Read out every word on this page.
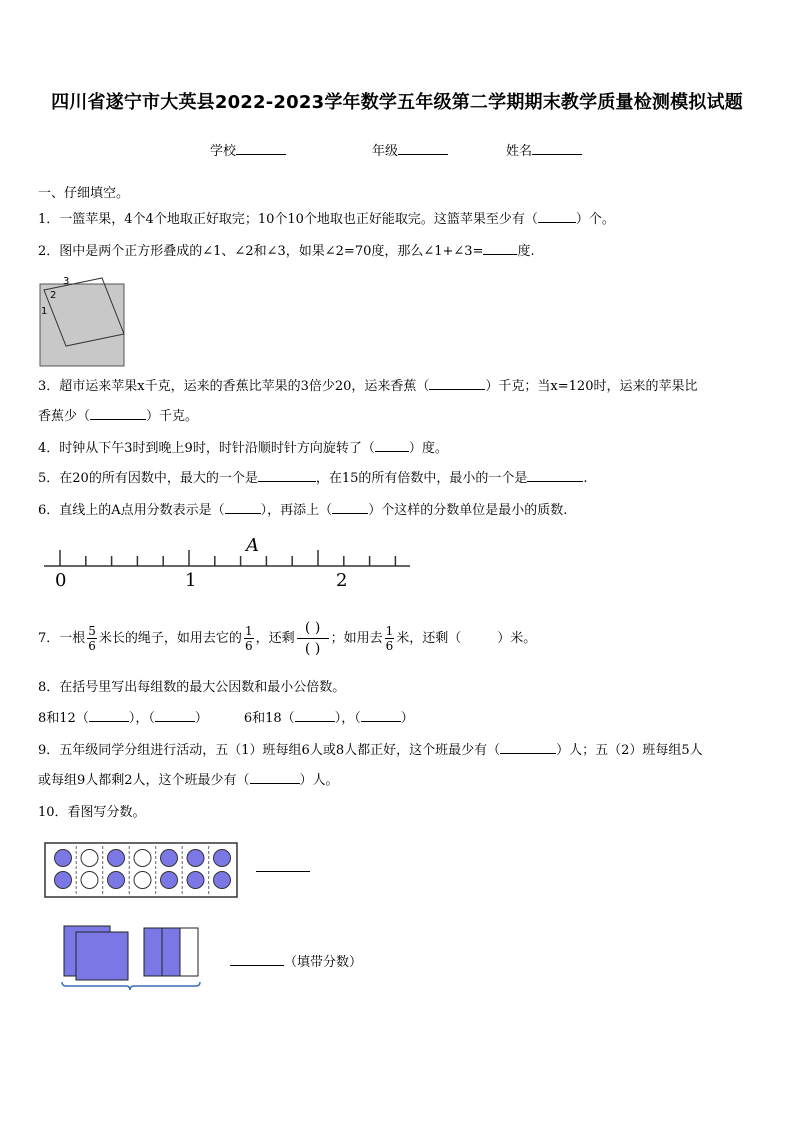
四川省遂宁市大英县2022-2023学年数学五年级第二学期期末教学质量检测模拟试题
学校	年级	姓名
一、仔细填空。
1．一篮苹果，4个4个地取正好取完；10个10个地取也正好能取完。这篮苹果至少有（	）个。
2．图中是两个正方形叠成的∠1、∠2和∠3，如果∠2=70度，那么∠1+∠3=	度.
1
2
3
3．超市运来苹果x千克，运来的香蕉比苹果的3倍少20，运来香蕉（	）千克；当x=120时，运来的苹果比
香蕉少（	）千克。
4．时钟从下午3时到晚上9时，时针沿顺时针方向旋转了（	）度。
5．在20的所有因数中，最大的一个是	，在15的所有倍数中，最小的一个是	.
6．直线上的A点用分数表示是（	），再添上（	）个这样的分数单位是最小的质数.
0	1	2
A
7．一根 $\frac{5}{6}$ 米长的绳子，如用去它的 $\frac{1}{6}$ ，还剩 $\frac{( )}{( )}$ ；如用去 $\frac{1}{6}$ 米，还剩（	）米。
8．在括号里写出每组数的最大公因数和最小公倍数。
8和12（	），（	）	6和18（	），（	）
9．五年级同学分组进行活动，五（1）班每组6人或8人都正好，这个班最少有（	）人；五（2）班每组5人
或每组9人都剩2人，这个班最少有（	）人。
10．看图写分数。
（填带分数）
